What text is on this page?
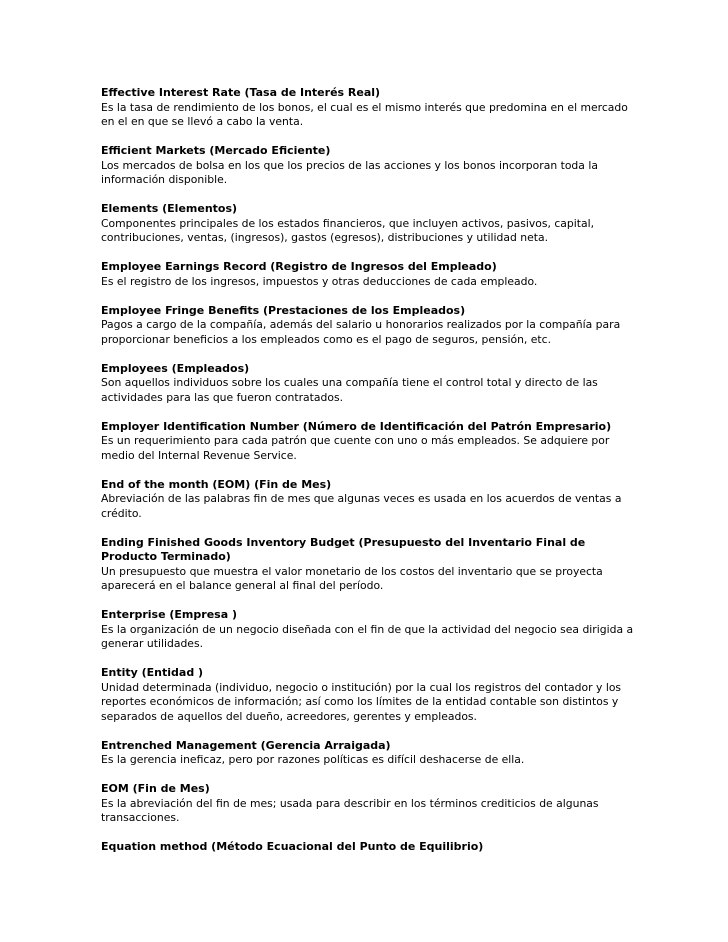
Effective Interest Rate (Tasa de Interés Real)
Es la tasa de rendimiento de los bonos, el cual es el mismo interés que predomina en el mercado
en el en que se llevó a cabo la venta.
Efficient Markets (Mercado Eficiente)
Los mercados de bolsa en los que los precios de las acciones y los bonos incorporan toda la
información disponible.
Elements (Elementos)
Componentes principales de los estados financieros, que incluyen activos, pasivos, capital,
contribuciones, ventas, (ingresos), gastos (egresos), distribuciones y utilidad neta.
Employee Earnings Record (Registro de Ingresos del Empleado)
Es el registro de los ingresos, impuestos y otras deducciones de cada empleado.
Employee Fringe Benefits (Prestaciones de los Empleados)
Pagos a cargo de la compañía, además del salario u honorarios realizados por la compañía para
proporcionar beneficios a los empleados como es el pago de seguros, pensión, etc.
Employees (Empleados)
Son aquellos individuos sobre los cuales una compañía tiene el control total y directo de las
actividades para las que fueron contratados.
Employer Identification Number (Número de Identificación del Patrón Empresario)
Es un requerimiento para cada patrón que cuente con uno o más empleados. Se adquiere por
medio del Internal Revenue Service.
End of the month (EOM) (Fin de Mes)
Abreviación de las palabras fin de mes que algunas veces es usada en los acuerdos de ventas a
crédito.
Ending Finished Goods Inventory Budget (Presupuesto del Inventario Final de Producto Terminado)
Un presupuesto que muestra el valor monetario de los costos del inventario que se proyecta
aparecerá en el balance general al final del período.
Enterprise (Empresa )
Es la organización de un negocio diseñada con el fin de que la actividad del negocio sea dirigida a
generar utilidades.
Entity (Entidad )
Unidad determinada (individuo, negocio o institución) por la cual los registros del contador y los
reportes económicos de información; así como los límites de la entidad contable son distintos y
separados de aquellos del dueño, acreedores, gerentes y empleados.
Entrenched Management (Gerencia Arraigada)
Es la gerencia ineficaz, pero por razones políticas es difícil deshacerse de ella.
EOM (Fin de Mes)
Es la abreviación del fin de mes; usada para describir en los términos crediticios de algunas
transacciones.
Equation method (Método Ecuacional del Punto de Equilibrio)
